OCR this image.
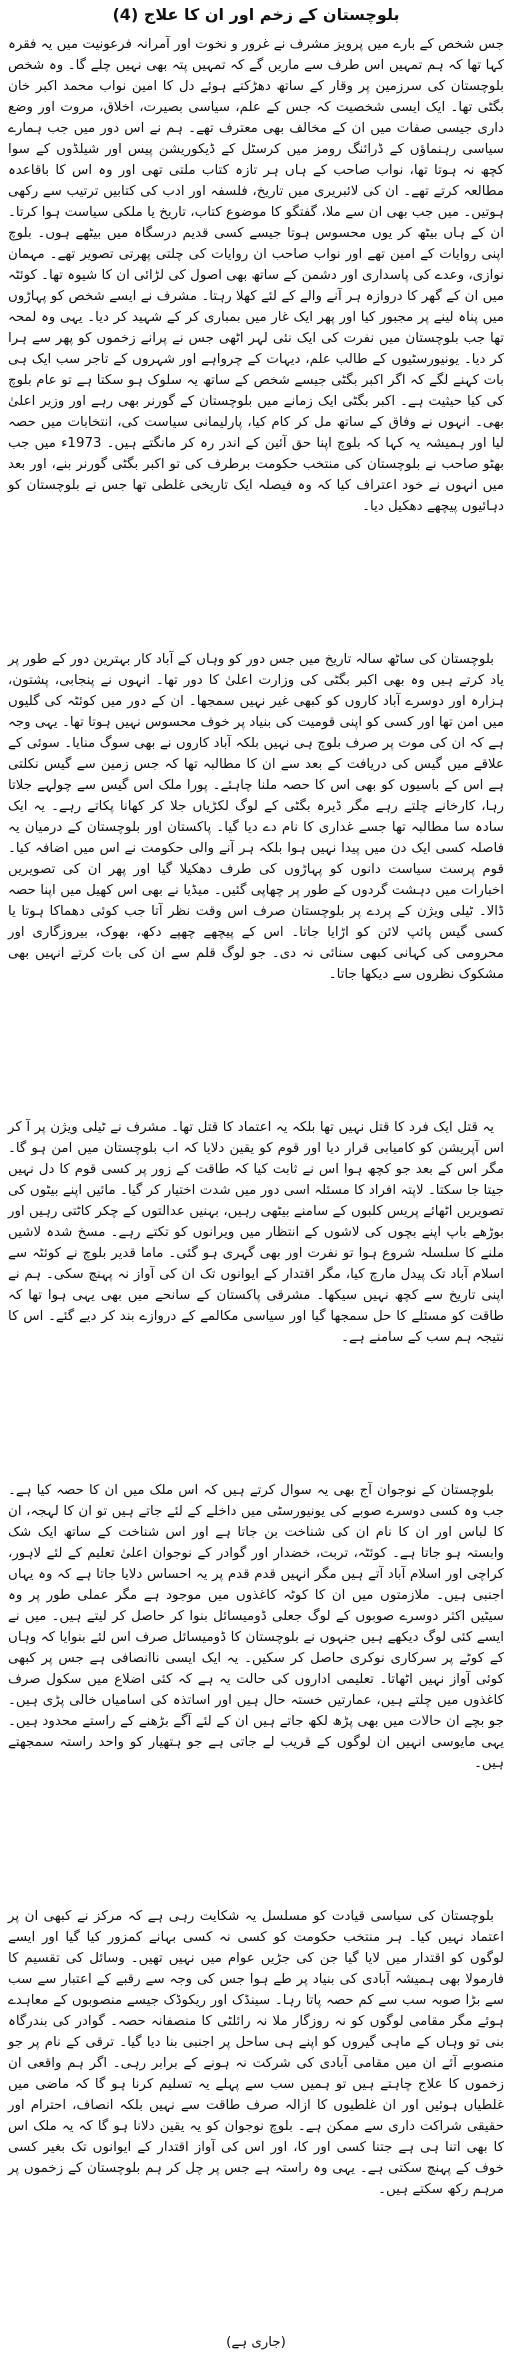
بلوچستان کے زخم اور ان کا علاج (4)

جس شخص کے بارے میں پرویز مشرف نے غرور و نخوت اور آمرانہ فرعونیت میں یہ فقرہ کہا تھا کہ ہم تمہیں اس طرف سے ماریں گے کہ تمہیں پتہ بھی نہیں چلے گا۔ وہ شخص بلوچستان کی سرزمین پر وقار کے ساتھ دھڑکتے ہوئے دل کا امین نواب محمد اکبر خان بگٹی تھا۔ ایک ایسی شخصیت کہ جس کے علم، سیاسی بصیرت، اخلاق، مروت اور وضع داری جیسی صفات میں ان کے مخالف بھی معترف تھے۔ ہم نے اس دور میں جب ہمارے سیاسی رہنماؤں کے ڈرائنگ رومز میں کرسٹل کے ڈیکوریشن پیس اور شیلڈوں کے سوا کچھ نہ ہوتا تھا، نواب صاحب کے ہاں ہر تازہ کتاب ملتی تھی اور وہ اس کا باقاعدہ مطالعہ کرتے تھے۔ ان کی لائبریری میں تاریخ، فلسفہ اور ادب کی کتابیں ترتیب سے رکھی ہوتیں۔ میں جب بھی ان سے ملا، گفتگو کا موضوع کتاب، تاریخ یا ملکی سیاست ہوا کرتا۔ ان کے ہاں بیٹھ کر یوں محسوس ہوتا جیسے کسی قدیم درسگاہ میں بیٹھے ہوں۔ بلوچ اپنی روایات کے امین تھے اور نواب صاحب ان روایات کی چلتی پھرتی تصویر تھے۔ مہمان نوازی، وعدے کی پاسداری اور دشمن کے ساتھ بھی اصول کی لڑائی ان کا شیوہ تھا۔ کوئٹہ میں ان کے گھر کا دروازہ ہر آنے والے کے لئے کھلا رہتا۔ مشرف نے ایسے شخص کو پہاڑوں میں پناہ لینے پر مجبور کیا اور پھر ایک غار میں بمباری کر کے شہید کر دیا۔ یہی وہ لمحہ تھا جب بلوچستان میں نفرت کی ایک نئی لہر اٹھی جس نے پرانے زخموں کو پھر سے ہرا کر دیا۔ یونیورسٹیوں کے طالب علم، دیہات کے چرواہے اور شہروں کے تاجر سب ایک ہی بات کہنے لگے کہ اگر اکبر بگٹی جیسے شخص کے ساتھ یہ سلوک ہو سکتا ہے تو عام بلوچ کی کیا حیثیت ہے۔ اکبر بگٹی ایک زمانے میں بلوچستان کے گورنر بھی رہے اور وزیر اعلیٰ بھی۔ انہوں نے وفاق کے ساتھ مل کر کام کیا، پارلیمانی سیاست کی، انتخابات میں حصہ لیا اور ہمیشہ یہ کہا کہ بلوچ اپنا حق آئین کے اندر رہ کر مانگتے ہیں۔ 1973ء میں جب بھٹو صاحب نے بلوچستان کی منتخب حکومت برطرف کی تو اکبر بگٹی گورنر بنے، اور بعد میں انہوں نے خود اعتراف کیا کہ وہ فیصلہ ایک تاریخی غلطی تھا جس نے بلوچستان کو دہائیوں پیچھے دھکیل دیا۔

بلوچستان کی ساٹھ سالہ تاریخ میں جس دور کو وہاں کے آباد کار بہترین دور کے طور پر یاد کرتے ہیں وہ بھی اکبر بگٹی کی وزارت اعلیٰ کا دور تھا۔ انہوں نے پنجابی، پشتون، ہزارہ اور دوسرے آباد کاروں کو کبھی غیر نہیں سمجھا۔ ان کے دور میں کوئٹہ کی گلیوں میں امن تھا اور کسی کو اپنی قومیت کی بنیاد پر خوف محسوس نہیں ہوتا تھا۔ یہی وجہ ہے کہ ان کی موت پر صرف بلوچ ہی نہیں بلکہ آباد کاروں نے بھی سوگ منایا۔ سوئی کے علاقے میں گیس کی دریافت کے بعد سے ان کا مطالبہ تھا کہ جس زمین سے گیس نکلتی ہے اس کے باسیوں کو بھی اس کا حصہ ملنا چاہئے۔ پورا ملک اس گیس سے چولہے جلاتا رہا، کارخانے چلتے رہے مگر ڈیرہ بگٹی کے لوگ لکڑیاں جلا کر کھانا پکاتے رہے۔ یہ ایک سادہ سا مطالبہ تھا جسے غداری کا نام دے دیا گیا۔ پاکستان اور بلوچستان کے درمیان یہ فاصلہ کسی ایک دن میں پیدا نہیں ہوا بلکہ ہر آنے والی حکومت نے اس میں اضافہ کیا۔ قوم پرست سیاست دانوں کو پہاڑوں کی طرف دھکیلا گیا اور پھر ان کی تصویریں اخبارات میں دہشت گردوں کے طور پر چھاپی گئیں۔ میڈیا نے بھی اس کھیل میں اپنا حصہ ڈالا۔ ٹیلی ویژن کے پردے پر بلوچستان صرف اس وقت نظر آتا جب کوئی دھماکا ہوتا یا کسی گیس پائپ لائن کو اڑایا جاتا۔ اس کے پیچھے چھپے دکھ، بھوک، بیروزگاری اور محرومی کی کہانی کبھی سنائی نہ دی۔ جو لوگ قلم سے ان کی بات کرتے انہیں بھی مشکوک نظروں سے دیکھا جاتا۔

یہ قتل ایک فرد کا قتل نہیں تھا بلکہ یہ اعتماد کا قتل تھا۔ مشرف نے ٹیلی ویژن پر آ کر اس آپریشن کو کامیابی قرار دیا اور قوم کو یقین دلایا کہ اب بلوچستان میں امن ہو گا۔ مگر اس کے بعد جو کچھ ہوا اس نے ثابت کیا کہ طاقت کے زور پر کسی قوم کا دل نہیں جیتا جا سکتا۔ لاپتہ افراد کا مسئلہ اسی دور میں شدت اختیار کر گیا۔ مائیں اپنے بیٹوں کی تصویریں اٹھائے پریس کلبوں کے سامنے بیٹھی رہیں، بہنیں عدالتوں کے چکر کاٹتی رہیں اور بوڑھے باپ اپنے بچوں کی لاشوں کے انتظار میں ویرانوں کو تکتے رہے۔ مسخ شدہ لاشیں ملنے کا سلسلہ شروع ہوا تو نفرت اور بھی گہری ہو گئی۔ ماما قدیر بلوچ نے کوئٹہ سے اسلام آباد تک پیدل مارچ کیا، مگر اقتدار کے ایوانوں تک ان کی آواز نہ پہنچ سکی۔ ہم نے اپنی تاریخ سے کچھ نہیں سیکھا۔ مشرقی پاکستان کے سانحے میں بھی یہی ہوا تھا کہ طاقت کو مسئلے کا حل سمجھا گیا اور سیاسی مکالمے کے دروازے بند کر دیے گئے۔ اس کا نتیجہ ہم سب کے سامنے ہے۔

بلوچستان کے نوجوان آج بھی یہ سوال کرتے ہیں کہ اس ملک میں ان کا حصہ کیا ہے۔ جب وہ کسی دوسرے صوبے کی یونیورسٹی میں داخلے کے لئے جاتے ہیں تو ان کا لہجہ، ان کا لباس اور ان کا نام ان کی شناخت بن جاتا ہے اور اس شناخت کے ساتھ ایک شک وابستہ ہو جاتا ہے۔ کوئٹہ، تربت، خضدار اور گوادر کے نوجوان اعلیٰ تعلیم کے لئے لاہور، کراچی اور اسلام آباد آتے ہیں مگر انہیں قدم قدم پر یہ احساس دلایا جاتا ہے کہ وہ یہاں اجنبی ہیں۔ ملازمتوں میں ان کا کوٹہ کاغذوں میں موجود ہے مگر عملی طور پر وہ سیٹیں اکثر دوسرے صوبوں کے لوگ جعلی ڈومیسائل بنوا کر حاصل کر لیتے ہیں۔ میں نے ایسے کئی لوگ دیکھے ہیں جنہوں نے بلوچستان کا ڈومیسائل صرف اس لئے بنوایا کہ وہاں کے کوٹے پر سرکاری نوکری حاصل کر سکیں۔ یہ ایک ایسی ناانصافی ہے جس پر کبھی کوئی آواز نہیں اٹھاتا۔ تعلیمی اداروں کی حالت یہ ہے کہ کئی اضلاع میں سکول صرف کاغذوں میں چلتے ہیں، عمارتیں خستہ حال ہیں اور اساتذہ کی اسامیاں خالی پڑی ہیں۔ جو بچے ان حالات میں بھی پڑھ لکھ جاتے ہیں ان کے لئے آگے بڑھنے کے راستے محدود ہیں۔ یہی مایوسی انہیں ان لوگوں کے قریب لے جاتی ہے جو ہتھیار کو واحد راستہ سمجھتے ہیں۔

بلوچستان کی سیاسی قیادت کو مسلسل یہ شکایت رہی ہے کہ مرکز نے کبھی ان پر اعتماد نہیں کیا۔ ہر منتخب حکومت کو کسی نہ کسی بہانے کمزور کیا گیا اور ایسے لوگوں کو اقتدار میں لایا گیا جن کی جڑیں عوام میں نہیں تھیں۔ وسائل کی تقسیم کا فارمولا بھی ہمیشہ آبادی کی بنیاد پر طے ہوا جس کی وجہ سے رقبے کے اعتبار سے سب سے بڑا صوبہ سب سے کم حصہ پاتا رہا۔ سینڈک اور ریکوڈک جیسے منصوبوں کے معاہدے ہوئے مگر مقامی لوگوں کو نہ روزگار ملا نہ رائلٹی کا منصفانہ حصہ۔ گوادر کی بندرگاہ بنی تو وہاں کے ماہی گیروں کو اپنے ہی ساحل پر اجنبی بنا دیا گیا۔ ترقی کے نام پر جو منصوبے آئے ان میں مقامی آبادی کی شرکت نہ ہونے کے برابر رہی۔ اگر ہم واقعی ان زخموں کا علاج چاہتے ہیں تو ہمیں سب سے پہلے یہ تسلیم کرنا ہو گا کہ ماضی میں غلطیاں ہوئیں اور ان غلطیوں کا ازالہ صرف طاقت سے نہیں بلکہ انصاف، احترام اور حقیقی شراکت داری سے ممکن ہے۔ بلوچ نوجوان کو یہ یقین دلانا ہو گا کہ یہ ملک اس کا بھی اتنا ہی ہے جتنا کسی اور کا، اور اس کی آواز اقتدار کے ایوانوں تک بغیر کسی خوف کے پہنچ سکتی ہے۔ یہی وہ راستہ ہے جس پر چل کر ہم بلوچستان کے زخموں پر مرہم رکھ سکتے ہیں۔

(جاری ہے)
